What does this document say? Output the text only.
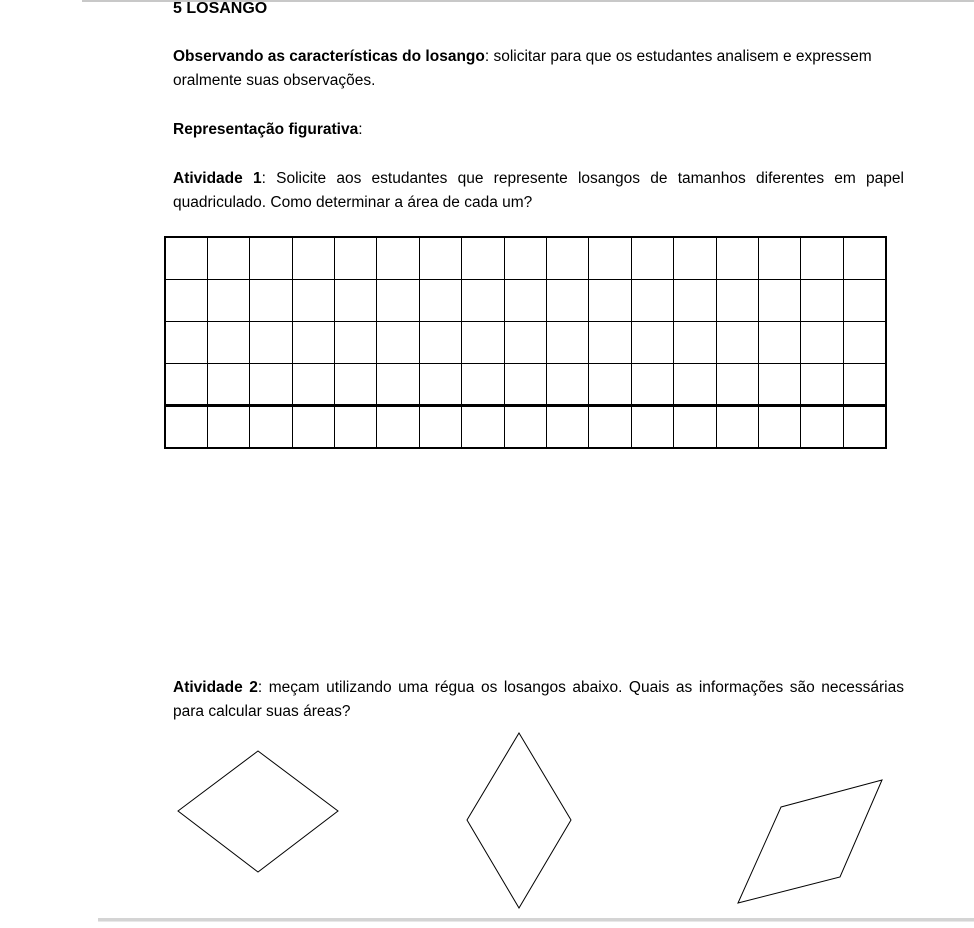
5 LOSANGO

Observando as características do losango: solicitar para que os estudantes analisem e expressem oralmente suas observações.

Representação figurativa:

Atividade 1: Solicite aos estudantes que represente losangos de tamanhos diferentes em papel quadriculado. Como determinar a área de cada um?

Atividade 2: meçam utilizando uma régua os losangos abaixo. Quais as informações são necessárias para calcular suas áreas?
